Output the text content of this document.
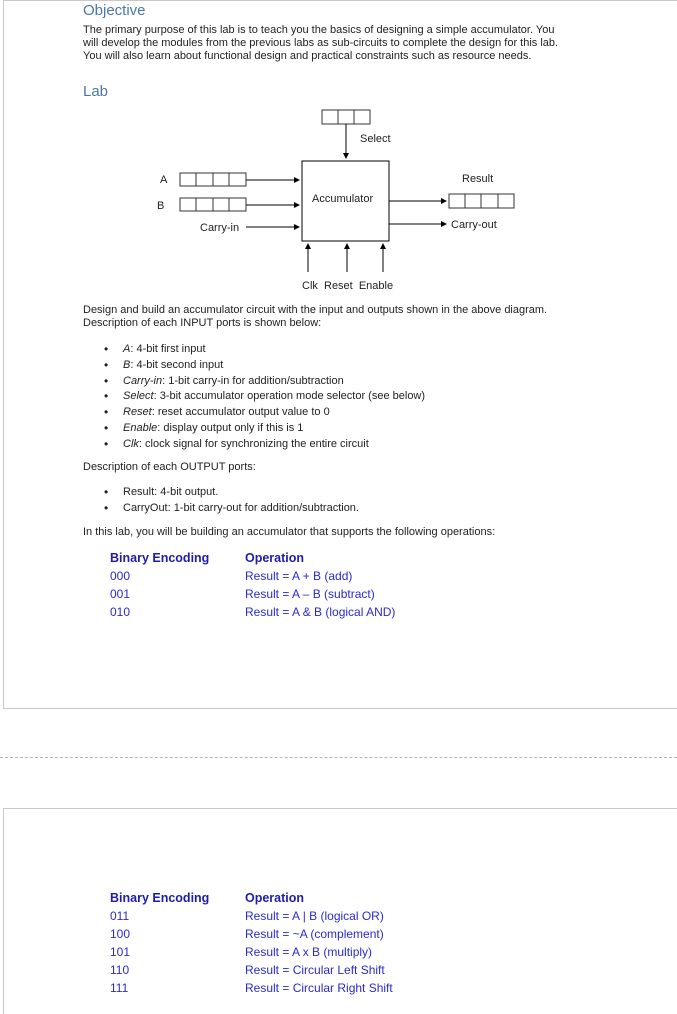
Objective
The primary purpose of this lab is to teach you the basics of designing a simple accumulator. You
will develop the modules from the previous labs as sub-circuits to complete the design for this lab.
You will also learn about functional design and practical constraints such as resource needs.
Lab
Select
Accumulator
A
B
Carry-in
Result
Carry-out
Clk  Reset  Enable
Design and build an accumulator circuit with the input and outputs shown in the above diagram.
Description of each INPUT ports is shown below:
• A: 4-bit first input
• B: 4-bit second input
• Carry-in: 1-bit carry-in for addition/subtraction
• Select: 3-bit accumulator operation mode selector (see below)
• Reset: reset accumulator output value to 0
• Enable: display output only if this is 1
• Clk: clock signal for synchronizing the entire circuit
Description of each OUTPUT ports:
• Result: 4-bit output.
• CarryOut: 1-bit carry-out for addition/subtraction.
In this lab, you will be building an accumulator that supports the following operations:
Binary Encoding
000
001
010
Operation
Result = A + B (add)
Result = A – B (subtract)
Result = A & B (logical AND)
Binary Encoding
011
100
101
110
111
Operation
Result = A | B (logical OR)
Result = ~A (complement)
Result = A x B (multiply)
Result = Circular Left Shift
Result = Circular Right Shift
